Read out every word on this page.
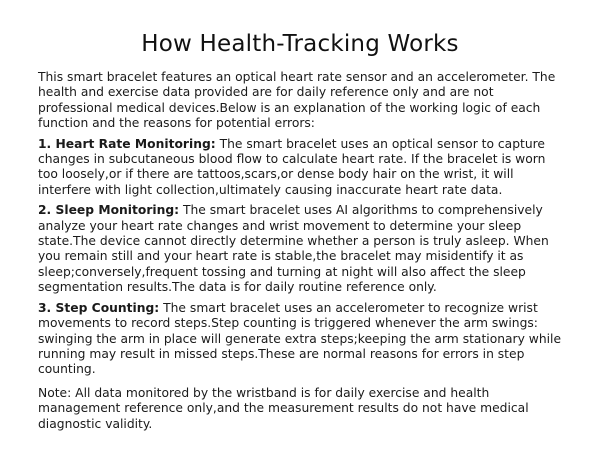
How Health-Tracking Works

This smart bracelet features an optical heart rate sensor and an accelerometer. The health and exercise data provided are for daily reference only and are not professional medical devices.Below is an explanation of the working logic of each function and the reasons for potential errors:

1. Heart Rate Monitoring: The smart bracelet uses an optical sensor to capture changes in subcutaneous blood flow to calculate heart rate. If the bracelet is worn too loosely,or if there are tattoos,scars,or dense body hair on the wrist, it will interfere with light collection,ultimately causing inaccurate heart rate data.

2. Sleep Monitoring: The smart bracelet uses AI algorithms to comprehensively analyze your heart rate changes and wrist movement to determine your sleep state.The device cannot directly determine whether a person is truly asleep. When you remain still and your heart rate is stable,the bracelet may misidentify it as sleep;conversely,frequent tossing and turning at night will also affect the sleep segmentation results.The data is for daily routine reference only.

3. Step Counting: The smart bracelet uses an accelerometer to recognize wrist movements to record steps.Step counting is triggered whenever the arm swings: swinging the arm in place will generate extra steps;keeping the arm stationary while running may result in missed steps.These are normal reasons for errors in step counting.

Note: All data monitored by the wristband is for daily exercise and health management reference only,and the measurement results do not have medical diagnostic validity.
